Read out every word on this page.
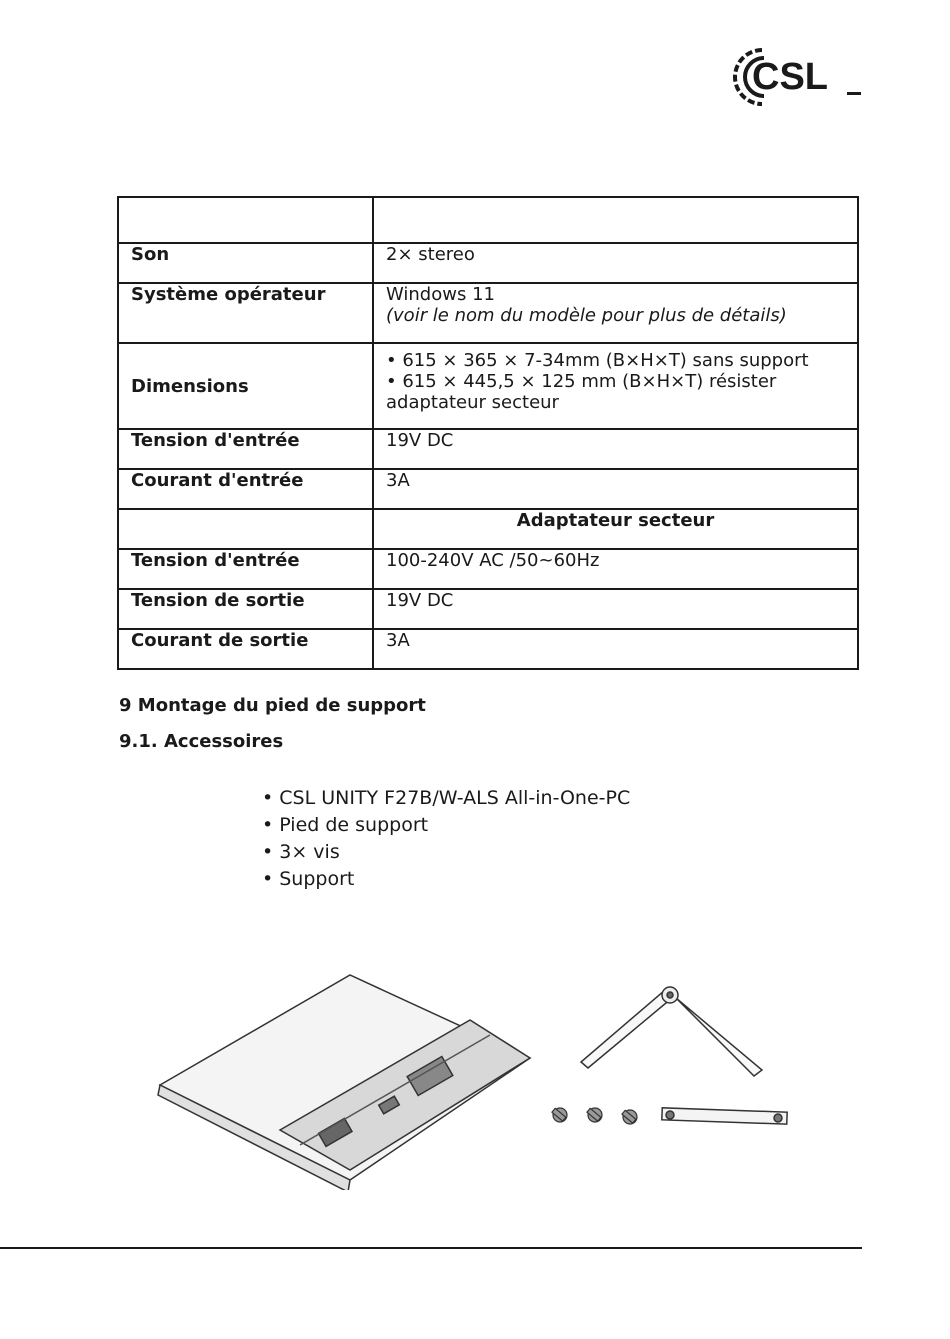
CSL

Son	2× stereo
Système opérateur	Windows 11
(voir le nom du modèle pour plus de détails)

Dimensions	• 615 × 365 × 7-34mm (B×H×T) sans support
• 615 × 445,5 × 125 mm (B×H×T) résister
adaptateur secteur

Tension d'entrée	19V DC
Courant d'entrée	3A
	Adaptateur secteur
Tension d'entrée	100-240V AC /50~60Hz
Tension de sortie	19V DC
Courant de sortie	3A
9 Montage du pied de support
9.1. Accessoires
• CSL UNITY F27B/W-ALS All-in-One-PC
• Pied de support
• 3× vis
• Support
